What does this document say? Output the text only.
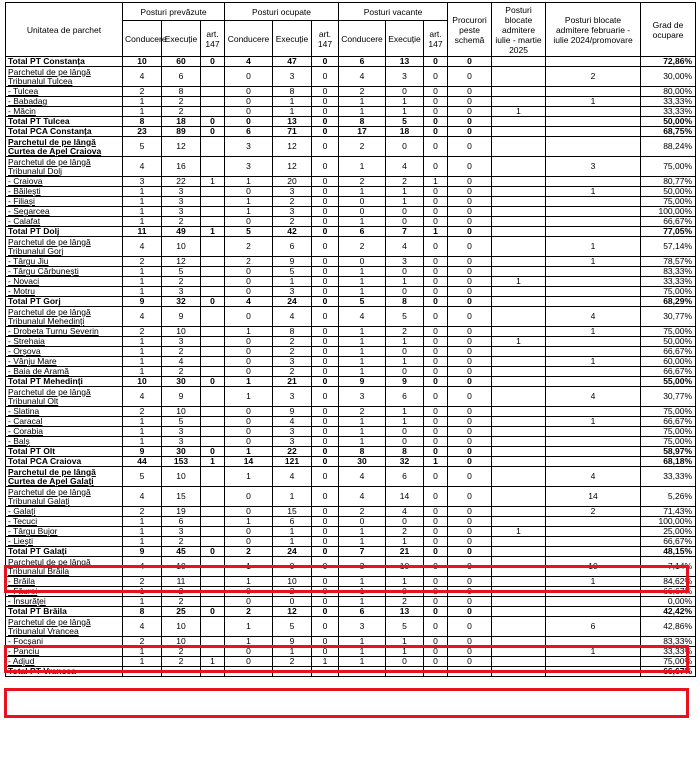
Unitatea de parchet	Posturi prevăzute			Posturi ocupate			Posturi vacante			Procurori peste schemă	Posturi blocate admitere iulie - martie 2025	Posturi blocate admitere februarie - iulie 2024/promovare	Grad de ocupare
	Conducere	Execuție	art. 147	Conducere	Execuție	art. 147	Conducere	Execuție	art. 147				
Total PT Constanța	10	60	0	4	47	0	6	13	0	0			72,86%
Parchetul de pe lângă Tribunalul Tulcea	4	6		0	3	0	4	3	0	0		2	30,00%
- Tulcea	2	8		0	8	0	2	0	0	0			80,00%
- Babadag	1	2		0	1	0	1	1	0	0		1	33,33%
- Măcin	1	2		0	1	0	1	1	0	0	1		33,33%
Total PT Tulcea	8	18	0	0	13	0	8	5	0	0			50,00%
Total PCA Constanța	23	89	0	6	71	0	17	18	0	0			68,75%
Parchetul de pe lângă Curtea de Apel Craiova	5	12		3	12	0	2	0	0	0			88,24%
Parchetul de pe lângă Tribunalul Dolj	4	16		3	12	0	1	4	0	0		3	75,00%
- Craiova	3	22	1	1	20	0	2	2	1	0			80,77%
- Băilești	1	3		0	3	0	1	1	0	0		1	50,00%
- Filiași	1	3		1	2	0	0	1	0	0			75,00%
- Segarcea	1	3		1	3	0	0	0	0	0			100,00%
- Calafat	1	2		0	2	0	1	0	0	0			66,67%
Total PT Dolj	11	49	1	5	42	0	6	7	1	0			77,05%
Parchetul de pe lângă Tribunalul Gorj	4	10		2	6	0	2	4	0	0		1	57,14%
- Târgu Jiu	2	12		2	9	0	0	3	0	0		1	78,57%
- Târgu Cărbunești	1	5		0	5	0	1	0	0	0			83,33%
- Novaci	1	2		0	1	0	1	1	0	0	1		33,33%
- Motru	1	3		0	3	0	1	0	0	0			75,00%
Total PT Gorj	9	32	0	4	24	0	5	8	0	0			68,29%
Parchetul de pe lângă Tribunalul Mehedinți	4	9		0	4	0	4	5	0	0		4	30,77%
- Drobeta Turnu Severin	2	10		1	8	0	1	2	0	0		1	75,00%
- Strehaia	1	3		0	2	0	1	1	0	0	1		50,00%
- Orșova	1	2		0	2	0	1	0	0	0			66,67%
- Vânju Mare	1	4		0	3	0	1	1	0	0		1	60,00%
- Baia de Aramă	1	2		0	2	0	1	0	0	0			66,67%
Total PT Mehedinți	10	30	0	1	21	0	9	9	0	0			55,00%
Parchetul de pe lângă Tribunalul Olt	4	9		1	3	0	3	6	0	0		4	30,77%
- Slatina	2	10		0	9	0	2	1	0	0			75,00%
- Caracal	1	5		0	4	0	1	1	0	0		1	66,67%
- Corabia	1	3		0	3	0	1	0	0	0			75,00%
- Balș	1	3		0	3	0	1	0	0	0			75,00%
Total PT Olt	9	30	0	1	22	0	8	8	0	0			58,97%
Total PCA Craiova	44	153	1	14	121	0	30	32	1	0			68,18%
Parchetul de pe lângă Curtea de Apel Galați	5	10		1	4	0	4	6	0	0		4	33,33%
Parchetul de pe lângă Tribunalul Galați	4	15		0	1	0	4	14	0	0		14	5,26%
- Galați	2	19		0	15	0	2	4	0	0		2	71,43%
- Tecuci	1	6		1	6	0	0	0	0	0			100,00%
- Târgu Bujor	1	3		0	1	0	1	2	0	0	1		25,00%
- Liești	1	2		0	1	0	1	1	0	0			66,67%
Total PT Galați	9	45	0	2	24	0	7	21	0	0			48,15%
Parchetul de pe lângă Tribunalul Brăila	4	10		1	0	0	3	10	0	0		10	7,14%
- Brăila	2	11		1	10	0	1	1	0	0		1	84,62%
- Făurei	1	2		0	2	0	1	0	0	0			66,67%
- Însurăței	1	2		0	0	0	1	2	0	0			0,00%
Total PT Brăila	8	25	0	2	12	0	6	13	0	0			42,42%
Parchetul de pe lângă Tribunalul Vrancea	4	10		1	5	0	3	5	0	0		6	42,86%
- Focșani	2	10		1	9	0	1	1	0	0			83,33%
- Panciu	1	2		0	1	0	1	1	0	0		1	33,33%
- Adjud	1	2	1	0	2	1	1	0	0	0			75,00%
Total PT Vrancea													66,67%
